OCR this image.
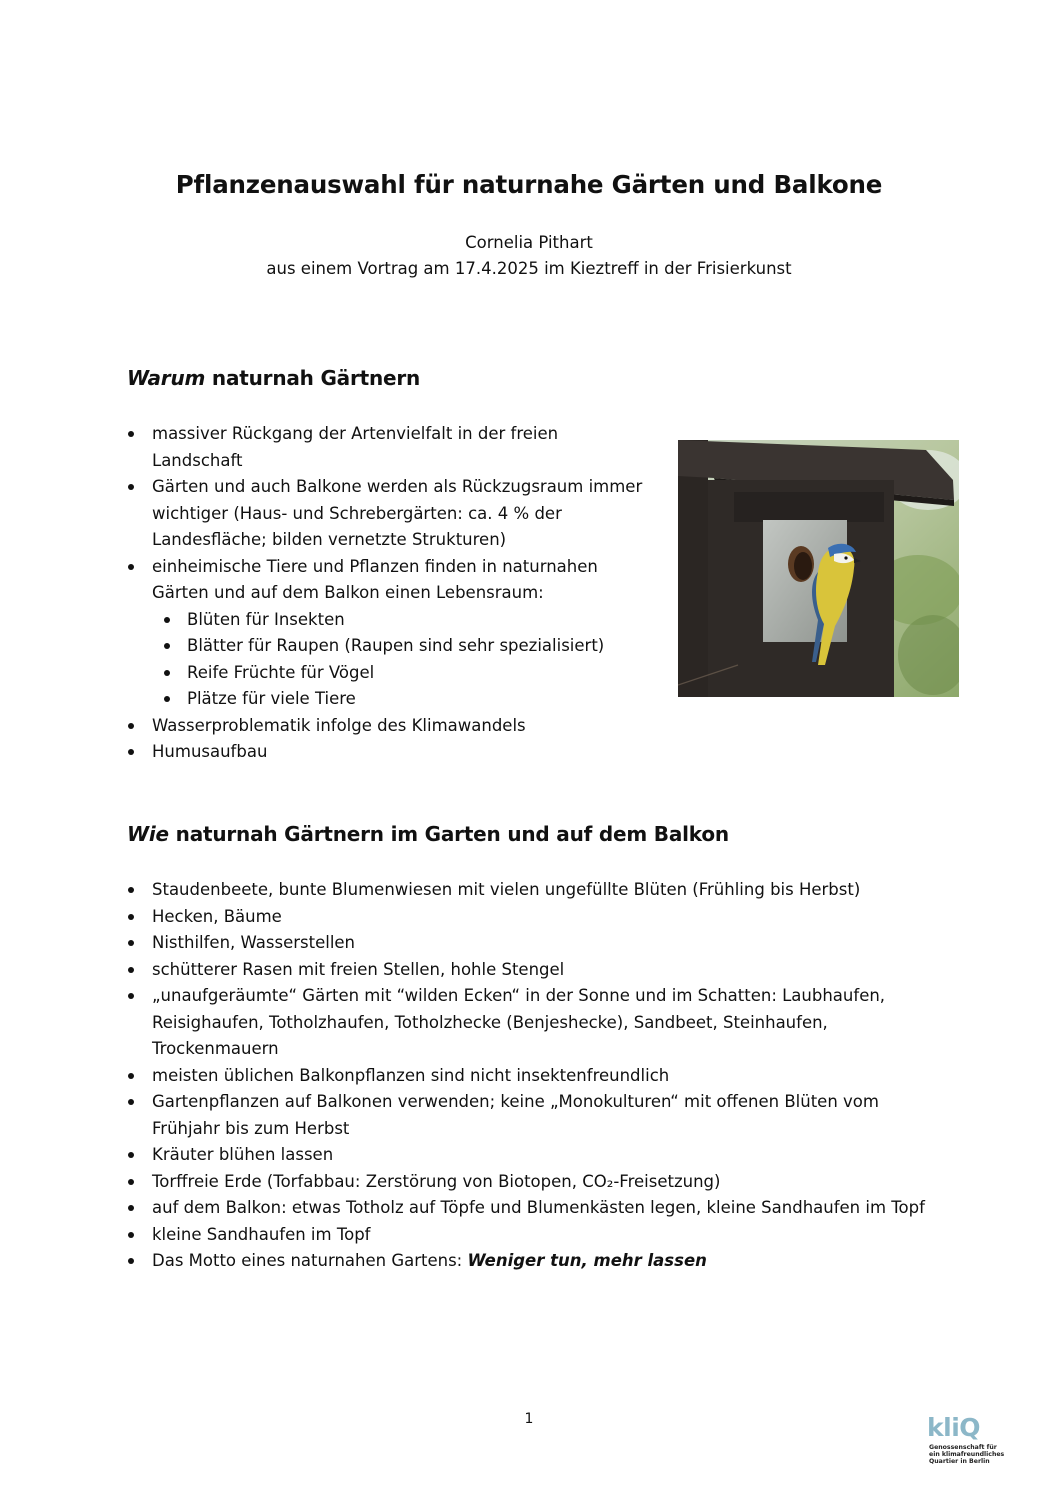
Pflanzenauswahl für naturnahe Gärten und Balkone

Cornelia Pithart

aus einem Vortrag am 17.4.2025 im Kieztreff in der Frisierkunst

Warum naturnah Gärtnern
massiver Rückgang der Artenvielfalt in der freien Landschaft
Gärten und auch Balkone werden als Rückzugsraum immer wichtiger (Haus- und Schrebergärten: ca. 4 % der Landesfläche; bilden vernetzte Strukturen)
einheimische Tiere und Pflanzen finden in naturnahen Gärten und auf dem Balkon einen Lebensraum:
Blüten für Insekten
Blätter für Raupen (Raupen sind sehr spezialisiert)
Reife Früchte für Vögel
Plätze für viele Tiere
Wasserproblematik infolge des Klimawandels
Humusaufbau
Wie naturnah Gärtnern im Garten und auf dem Balkon
Staudenbeete, bunte Blumenwiesen mit vielen ungefüllte Blüten (Frühling bis Herbst)
Hecken, Bäume
Nisthilfen, Wasserstellen
schütterer Rasen mit freien Stellen, hohle Stengel
„unaufgeräumte“ Gärten mit “wilden Ecken“ in der Sonne und im Schatten: Laubhaufen, Reisighaufen, Totholzhaufen, Totholzhecke (Benjeshecke), Sandbeet, Steinhaufen, Trockenmauern
meisten üblichen Balkonpflanzen sind nicht insektenfreundlich
Gartenpflanzen auf Balkonen verwenden; keine „Monokulturen“ mit offenen Blüten vom Frühjahr bis zum Herbst
Kräuter blühen lassen
Torffreie Erde (Torfabbau: Zerstörung von Biotopen, CO₂-Freisetzung)
auf dem Balkon: etwas Totholz auf Töpfe und Blumenkästen legen, kleine Sandhaufen im Topf
kleine Sandhaufen im Topf
Das Motto eines naturnahen Gartens: Weniger tun, mehr lassen
1	kliQ
Genossenschaft für
ein klimafreundliches
Quartier in Berlin
